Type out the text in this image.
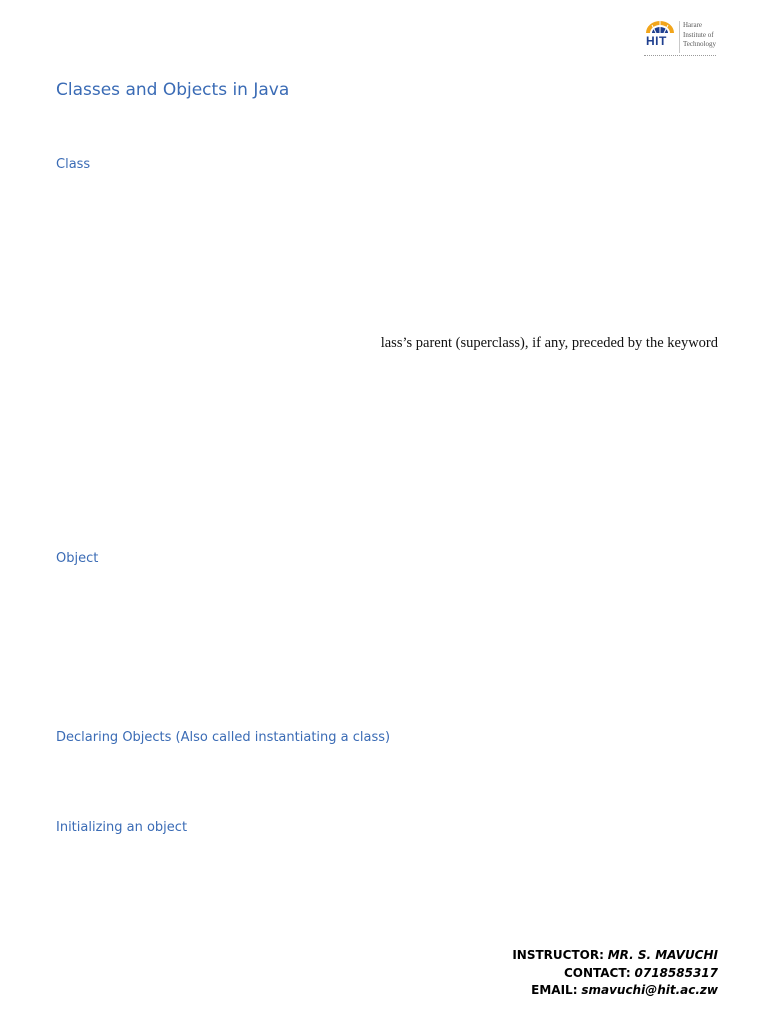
HIT
Harare
Institute of
Technology
Classes and Objects in Java
Class
lass’s parent (superclass), if any, preceded by the keyword
Object
Declaring Objects (Also called instantiating a class)
Initializing an object
INSTRUCTOR: MR. S. MAVUCHI
CONTACT: 0718585317
EMAIL: smavuchi@hit.ac.zw
